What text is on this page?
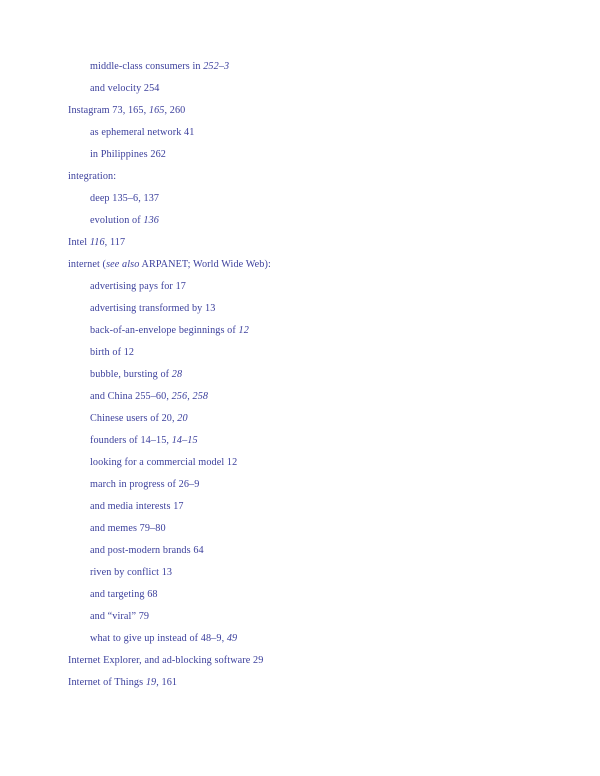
middle-class consumers in 252–3
and velocity 254
Instagram 73, 165, 165, 260
as ephemeral network 41
in Philippines 262
integration:
deep 135–6, 137
evolution of 136
Intel 116, 117
internet (see also ARPANET; World Wide Web):
advertising pays for 17
advertising transformed by 13
back-of-an-envelope beginnings of 12
birth of 12
bubble, bursting of 28
and China 255–60, 256, 258
Chinese users of 20, 20
founders of 14–15, 14–15
looking for a commercial model 12
march in progress of 26–9
and media interests 17
and memes 79–80
and post-modern brands 64
riven by conflict 13
and targeting 68
and “viral” 79
what to give up instead of 48–9, 49
Internet Explorer, and ad-blocking software 29
Internet of Things 19, 161
